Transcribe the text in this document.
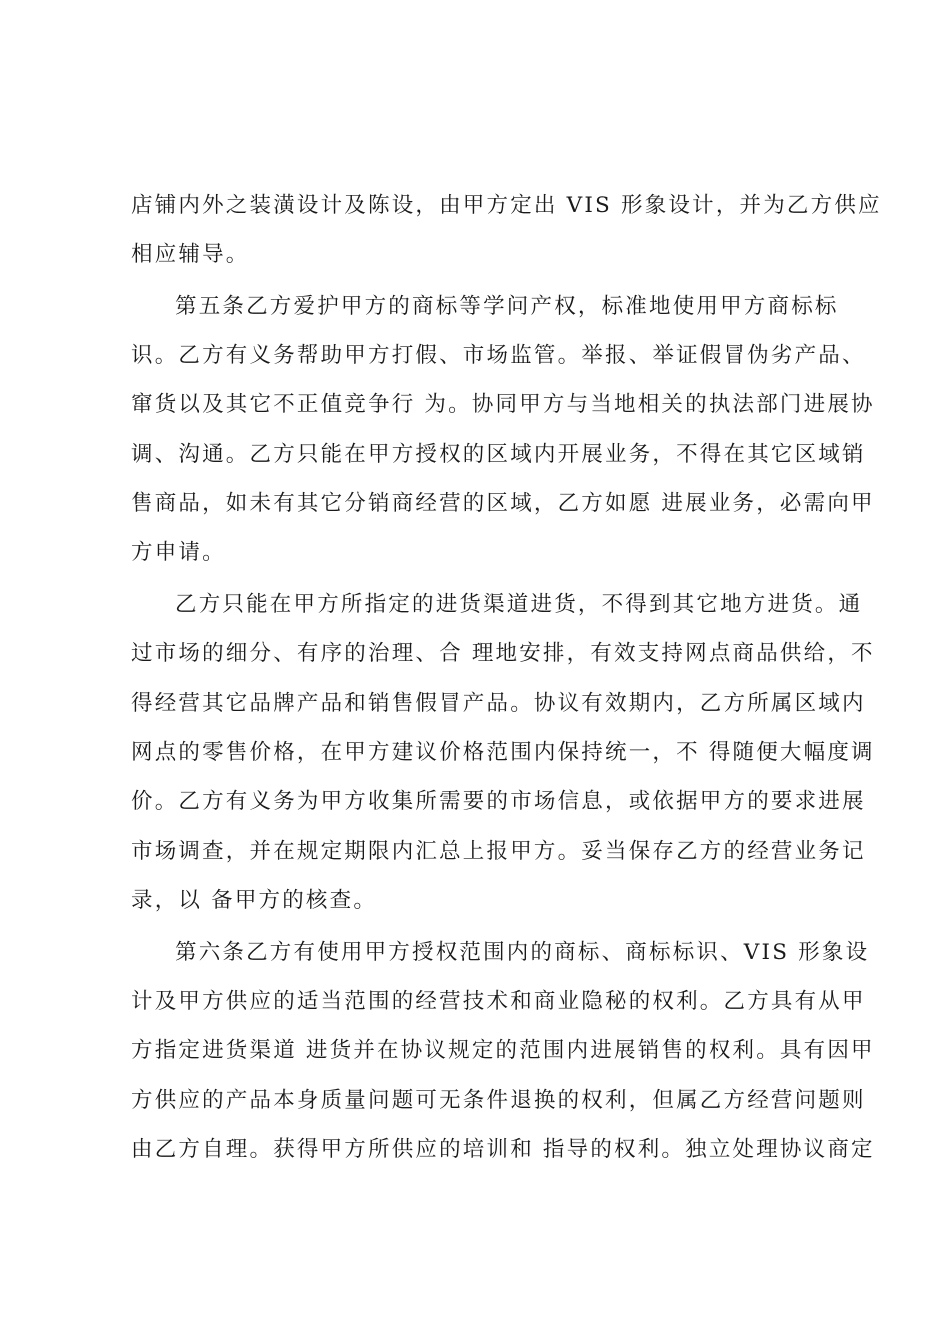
店铺内外之装潢设计及陈设，由甲方定出 VIS 形象设计，并为乙方供应
相应辅导。
第五条乙方爱护甲方的商标等学问产权，标准地使用甲方商标标
识。乙方有义务帮助甲方打假、市场监管。举报、举证假冒伪劣产品、
窜货以及其它不正值竞争行 为。协同甲方与当地相关的执法部门进展协
调、沟通。乙方只能在甲方授权的区域内开展业务，不得在其它区域销
售商品，如未有其它分销商经营的区域，乙方如愿 进展业务，必需向甲
方申请。
乙方只能在甲方所指定的进货渠道进货，不得到其它地方进货。通
过市场的细分、有序的治理、合 理地安排，有效支持网点商品供给，不
得经营其它品牌产品和销售假冒产品。协议有效期内，乙方所属区域内
网点的零售价格，在甲方建议价格范围内保持统一，不 得随便大幅度调
价。乙方有义务为甲方收集所需要的市场信息，或依据甲方的要求进展
市场调查，并在规定期限内汇总上报甲方。妥当保存乙方的经营业务记
录，以 备甲方的核查。
第六条乙方有使用甲方授权范围内的商标、商标标识、VIS 形象设
计及甲方供应的适当范围的经营技术和商业隐秘的权利。乙方具有从甲
方指定进货渠道 进货并在协议规定的范围内进展销售的权利。具有因甲
方供应的产品本身质量问题可无条件退换的权利，但属乙方经营问题则
由乙方自理。获得甲方所供应的培训和 指导的权利。独立处理协议商定
